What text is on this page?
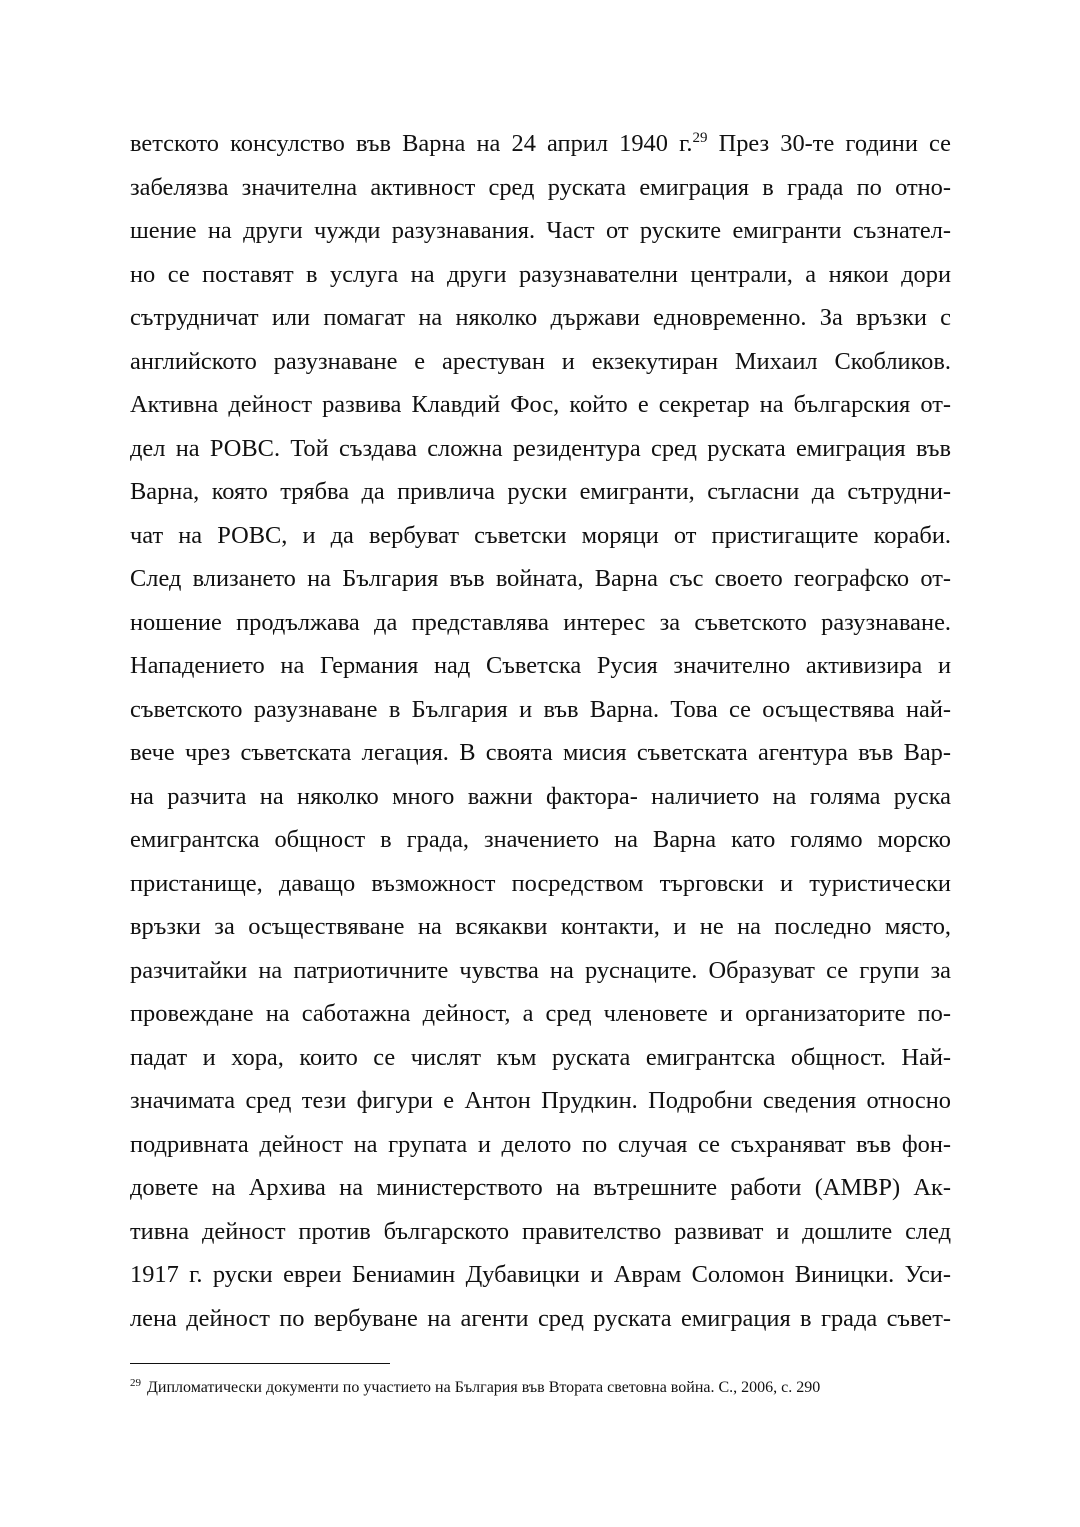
ветското консулство във Варна на 24 април 1940 г.$^{29}$ През 30-те години се
забелязва значителна активност сред руската емиграция в града по отно-
шение на други чужди разузнавания. Част от руските емигранти съзнател-
но се поставят в услуга на други разузнавателни централи, а някои дори
сътрудничат или помагат на няколко държави едновременно. За връзки с
английското разузнаване е арестуван и екзекутиран Михаил Скобликов.
Активна дейност развива Клавдий Фос, който е секретар на българския от-
дел на РОВС. Той създава сложна резидентура сред руската емиграция във
Варна, която трябва да привлича руски емигранти, съгласни да сътрудни-
чат на РОВС, и да вербуват съветски моряци от пристигащите кораби.
След влизането на България във войната, Варна със своето географско от-
ношение продължава да представлява интерес за съветското разузнаване.
Нападението на Германия над Съветска Русия значително активизира и
съветското разузнаване в България и във Варна. Това се осъществява най-
вече чрез съветската легация. В своята мисия съветската агентура във Вар-
на разчита на няколко много важни фактора- наличието на голяма руска
емигрантска общност в града, значението на Варна като голямо морско
пристанище, даващо възможност посредством търговски и туристически
връзки за осъществяване на всякакви контакти, и не на последно място,
разчитайки на патриотичните чувства на руснаците. Образуват се групи за
провеждане на саботажна дейност, а сред членовете и организаторите по-
падат и хора, които се числят към руската емигрантска общност. Най-
значимата сред тези фигури е Антон Прудкин. Подробни сведения относно
подривната дейност на групата и делото по случая се съхраняват във фон-
довете на Архива на министерството на вътрешните работи (АМВР) Ак-
тивна дейност против българското правителство развиват и дошлите след
1917 г. руски евреи Бениамин Дубавицки и Аврам Соломон Виницки. Уси-
лена дейност по вербуване на агенти сред руската емиграция в града съвет-

$^{29}$ Дипломатически документи по участието на България във Втората световна война. С., 2006, с. 290
